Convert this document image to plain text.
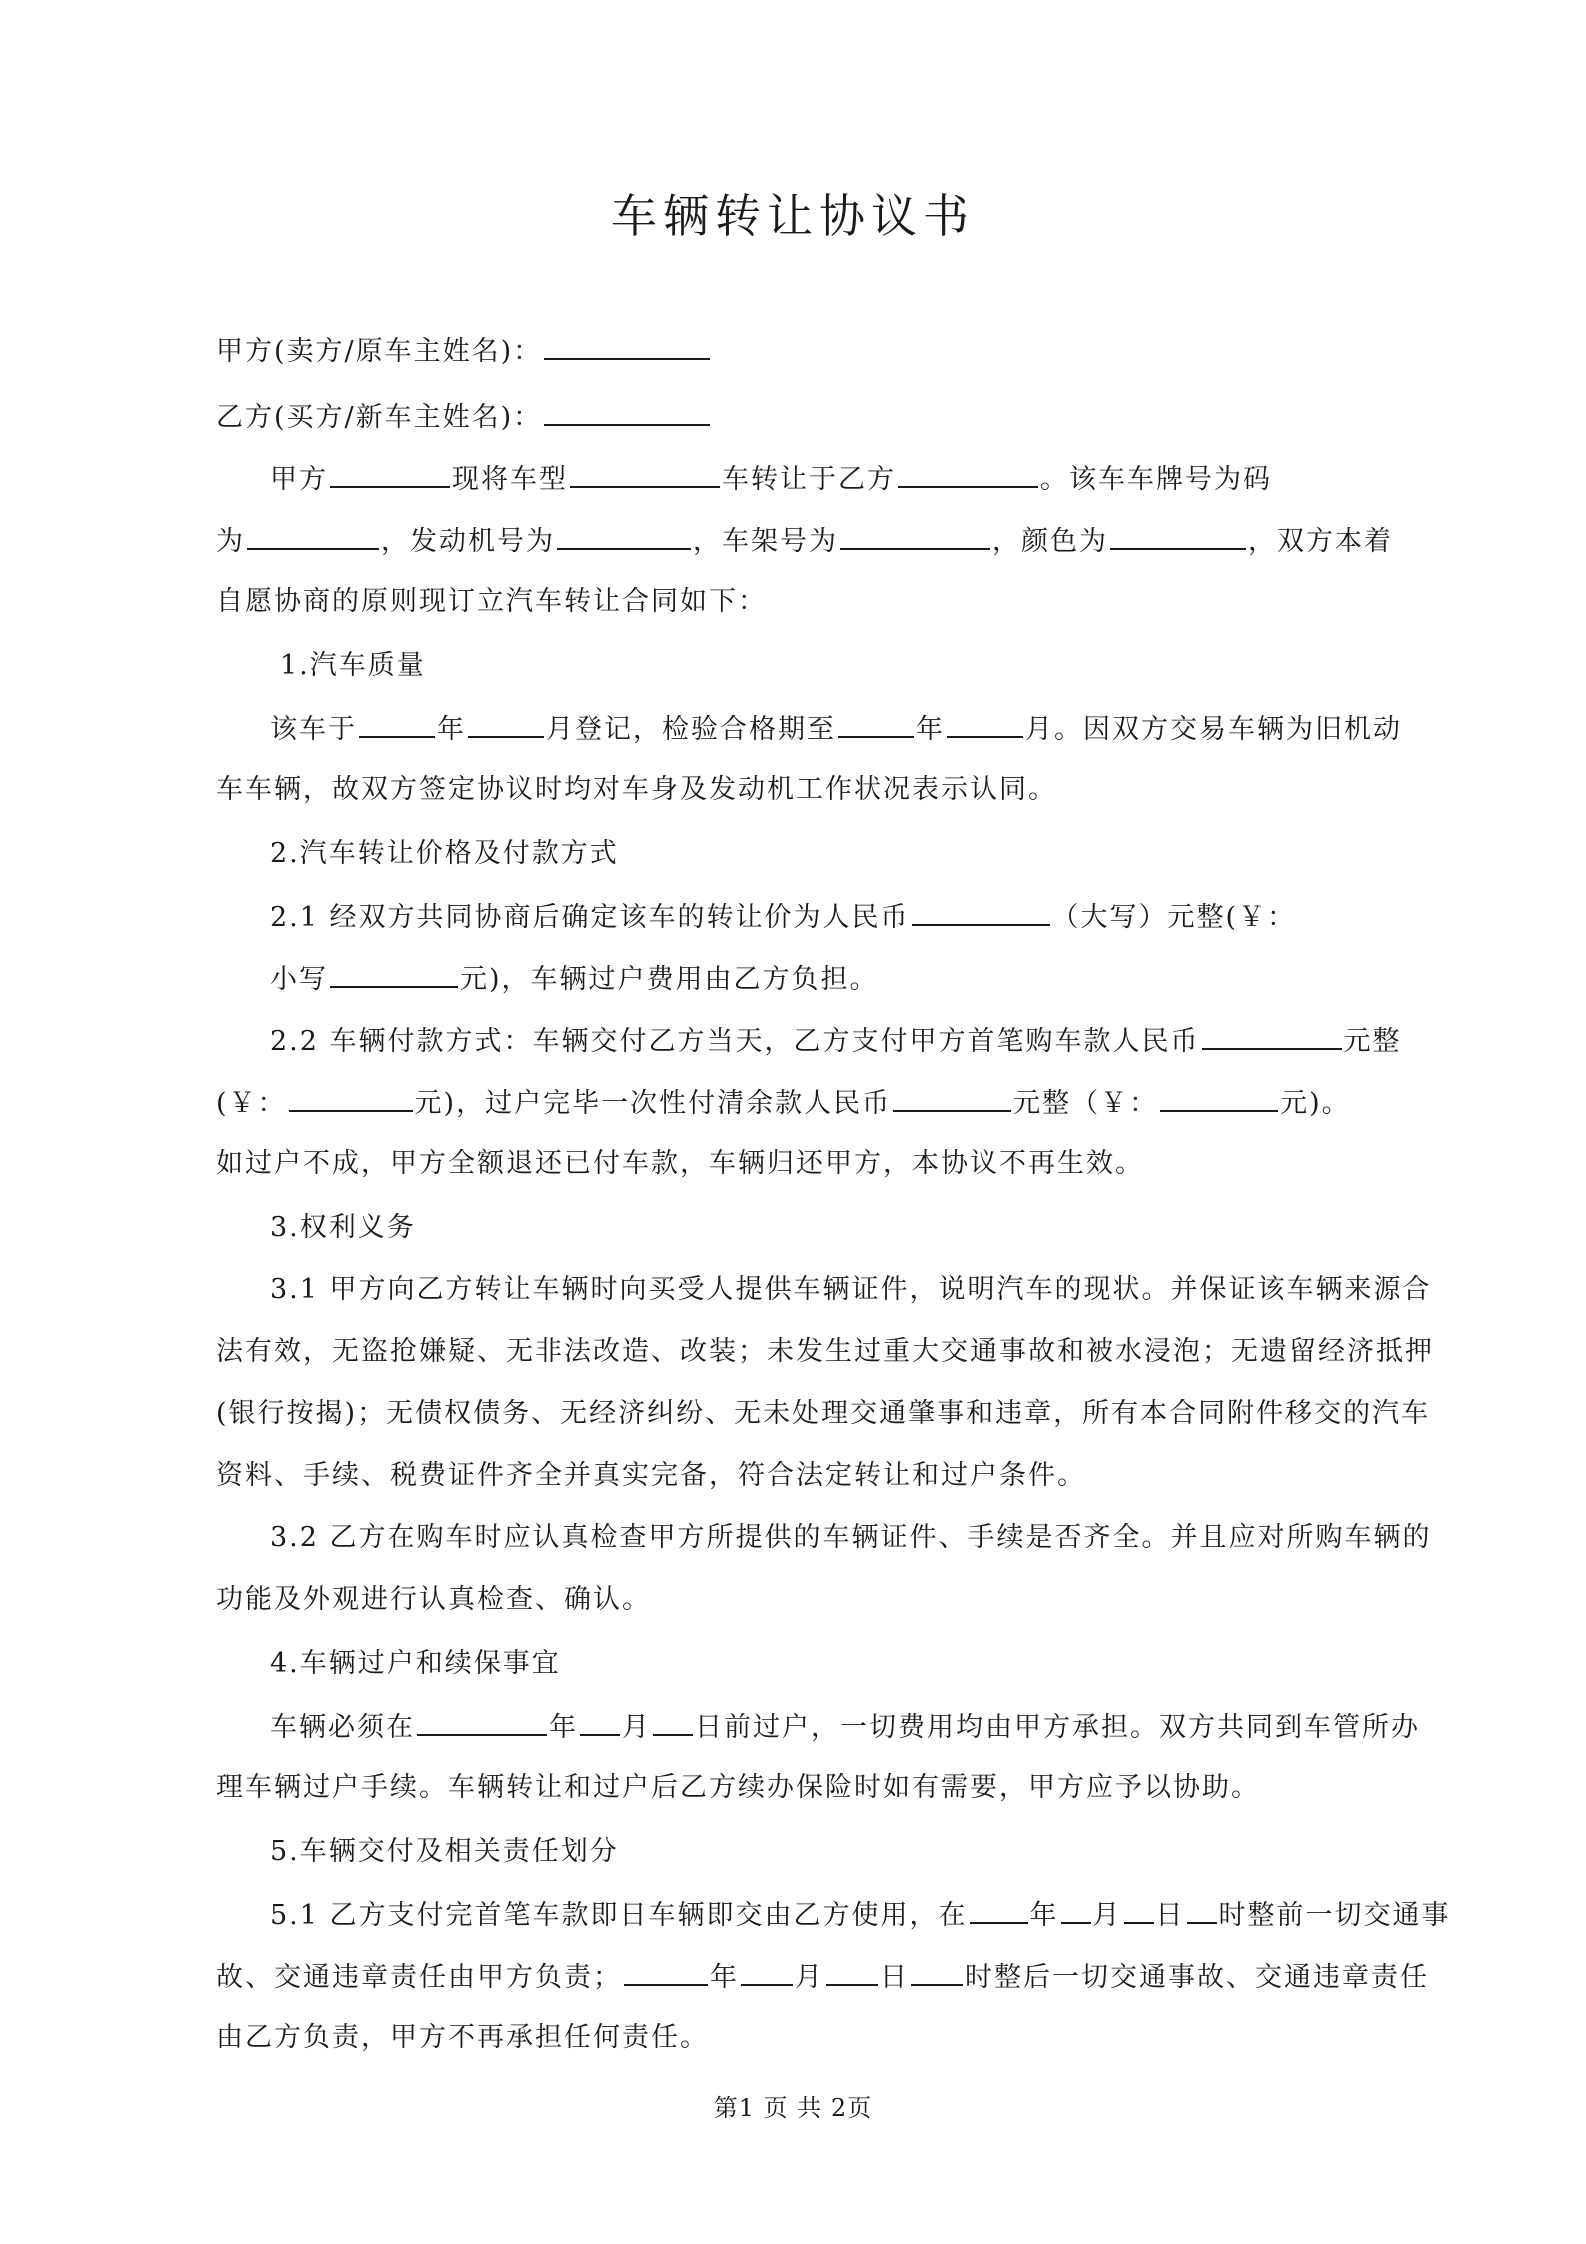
车辆转让协议书
甲方(卖方/原车主姓名)：
乙方(买方/新车主姓名)：
甲方	现将车型	车转让于乙方	。该车车牌号为码
为	，发动机号为	，车架号为	，颜色为	，双方本着
自愿协商的原则现订立汽车转让合同如下：
1.汽车质量
该车于	年	月登记，检验合格期至	年	月。因双方交易车辆为旧机动
车车辆，故双方签定协议时均对车身及发动机工作状况表示认同。
2.汽车转让价格及付款方式
2.1 经双方共同协商后确定该车的转让价为人民币	（大写）元整(￥：
小写	元)，车辆过户费用由乙方负担。
2.2 车辆付款方式：车辆交付乙方当天，乙方支付甲方首笔购车款人民币	元整
(￥：	元)，过户完毕一次性付清余款人民币	元整（￥：	元)。
如过户不成，甲方全额退还已付车款，车辆归还甲方，本协议不再生效。
3.权利义务
3.1 甲方向乙方转让车辆时向买受人提供车辆证件，说明汽车的现状。并保证该车辆来源合
法有效，无盗抢嫌疑、无非法改造、改装；未发生过重大交通事故和被水浸泡；无遗留经济抵押
(银行按揭)；无债权债务、无经济纠纷、无未处理交通肇事和违章，所有本合同附件移交的汽车
资料、手续、税费证件齐全并真实完备，符合法定转让和过户条件。
3.2 乙方在购车时应认真检查甲方所提供的车辆证件、手续是否齐全。并且应对所购车辆的
功能及外观进行认真检查、确认。
4.车辆过户和续保事宜
车辆必须在	年 月 日前过户，一切费用均由甲方承担。双方共同到车管所办
理车辆过户手续。车辆转让和过户后乙方续办保险时如有需要，甲方应予以协助。
5.车辆交付及相关责任划分
5.1 乙方支付完首笔车款即日车辆即交由乙方使用，在 年 月 日 时整前一切交通事
故、交通违章责任由甲方负责；	年 月 日 时整后一切交通事故、交通违章责任
由乙方负责，甲方不再承担任何责任。
第1 页 共 2页
